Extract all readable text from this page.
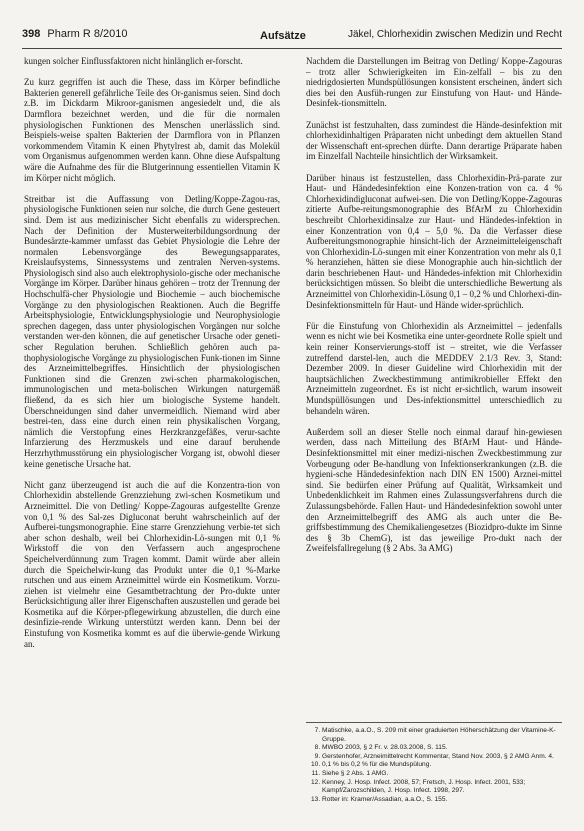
398 Pharm R 8/2010	Aufsätze	Jäkel, Chlorhexidin zwischen Medizin und Recht

kungen solcher Einflussfaktoren nicht hinlänglich er-forscht.

Zu kurz gegriffen ist auch die These, dass im Körper befindliche Bakterien generell gefährliche Teile des Or-ganismus seien. Sind doch z.B. im Dickdarm Mikroor-ganismen angesiedelt und, die als Darmflora bezeichnet werden, und die für die normalen physiologischen Funktionen des Menschen unerlässlich sind. Beispiels-weise spalten Bakterien der Darmflora von in Pflanzen vorkommendem Vitamin K einen Phytylrest ab, damit das Molekül vom Organismus aufgenommen werden kann. Ohne diese Aufspaltung wäre die Aufnahme des für die Blutgerinnung essentiellen Vitamin K im Körper nicht möglich.

Streitbar ist die Auffassung von Detling/Koppe-Zagou-ras, physiologische Funktionen seien nur solche, die durch Gene gesteuert sind. Dem ist aus medizinischer Sicht ebenfalls zu widersprechen. Nach der Definition der Musterweiterbildungsordnung der Bundesärzte-kammer umfasst das Gebiet Physiologie die Lehre der normalen Lebensvorgänge des Bewegungsapparates, Kreislaufsystems, Sinnessystems und zentralen Nerven-systems. Physiologisch sind also auch elektrophysiolo-gische oder mechanische Vorgänge im Körper. Darüber hinaus gehören – trotz der Trennung der Hochschulfä-cher Physiologie und Biochemie – auch biochemische Vorgänge zu den physiologischen Reaktionen. Auch die Begriffe Arbeitsphysiologie, Entwicklungsphysiologie und Neurophysiologie sprechen dagegen, dass unter physiologischen Vorgängen nur solche verstanden wer-den können, die auf genetischer Ursache oder geneti-scher Regulation beruhen. Schließlich gehören auch pa-thophysiologische Vorgänge zu physiologischen Funk-tionen im Sinne des Arzneimittelbegriffes. Hinsichtlich der physiologischen Funktionen sind die Grenzen zwi-schen pharmakologischen, immunologischen und meta-bolischen Wirkungen naturgemäß fließend, da es sich hier um biologische Systeme handelt. Überschneidungen sind daher unvermeidlich. Niemand wird aber bestrei-ten, dass eine durch einen rein physikalischen Vorgang, nämlich die Verstopfung eines Herzkranzgefäßes, verur-sachte Infarzierung des Herzmuskels und eine darauf beruhende Herzrhythmusstörung ein physiologischer Vorgang ist, obwohl dieser keine genetische Ursache hat.

Nicht ganz überzeugend ist auch die auf die Konzentra-tion von Chlorhexidin abstellende Grenzziehung zwi-schen Kosmetikum und Arzneimittel. Die von Detling/ Koppe-Zagouras aufgestellte Grenze von 0,1 % des Sal-zes Digluconat beruht wahrscheinlich auf der Aufberei-tungsmonographie. Eine starre Grenzziehung verbie-tet sich aber schon deshalb, weil bei Chlorhexidin-Lö-sungen mit 0,1 % Wirkstoff die von den Verfassern auch angesprochene Speichelverdünnung zum Tragen kommt. Damit würde aber allein durch die Speichelwir-kung das Produkt unter die 0,1 %-Marke rutschen und aus einem Arzneimittel würde ein Kosmetikum. Vorzu-ziehen ist vielmehr eine Gesamtbetrachtung der Pro-dukte unter Berücksichtigung aller ihrer Eigenschaften auszustellen und gerade bei Kosmetika auf die Körper-pflegewirkung abzustellen, die durch eine desinfizie-rende Wirkung unterstützt werden kann. Denn bei der Einstufung von Kosmetika kommt es auf die überwie-gende Wirkung an.

Nachdem die Darstellungen im Beitrag von Detling/ Koppe-Zagouras – trotz aller Schwierigkeiten im Ein-zelfall – bis zu den niedrigdosierten Mundspüllösungen konsistent erscheinen, ändert sich dies bei den Ausfüh-rungen zur Einstufung von Haut- und Hände-Desinfek-tionsmitteln.

Zunächst ist festzuhalten, dass zumindest die Hände-desinfektion mit chlorhexidinhaltigen Präparaten nicht unbedingt dem aktuellen Stand der Wissenschaft ent-sprechen dürfte. Dann derartige Präparate haben im Einzelfall Nachteile hinsichtlich der Wirksamkeit.

Darüber hinaus ist festzustellen, dass Chlorhexidin-Prä-parate zur Haut- und Händedesinfektion eine Konzen-tration von ca. 4 % Chlorhexidindigluconat aufwei-sen. Die von Detling/Koppe-Zagouras zitierte Aufbe-reitungsmonographie des BfArM zu Chlorhexidin beschreibt Chlorhexidinsalze zur Haut- und Händedes-infektion in einer Konzentration von 0,4 – 5,0 %. Da die Verfasser diese Aufbereitungsmonographie hinsicht-lich der Arzneimitteleigenschaft von Chlorhexidin-Lö-sungen mit einer Konzentration von mehr als 0,1 % heranziehen, hätten sie diese Monographie auch hin-sichtlich der darin beschriebenen Haut- und Händedes-infektion mit Chlorhexidin berücksichtigen müssen. So bleibt die unterschiedliche Bewertung als Arzneimittel von Chlorhexidin-Lösung 0,1 – 0,2 % und Chlorhexi-din-Desinfektionsmitteln für Haut- und Hände wider-sprüchlich.

Für die Einstufung von Chlorhexidin als Arzneimittel – jedenfalls wenn es nicht wie bei Kosmetika eine unter-geordnete Rolle spielt und kein reiner Konservierungs-stoff ist – streitet, wie die Verfasser zutreffend darstel-len, auch die MEDDEV 2.1/3 Rev. 3, Stand: Dezember 2009. In dieser Guideline wird Chlorhexidin mit der hauptsächlichen Zweckbestimmung antimikrobieller Effekt den Arzneimitteln zugeordnet. Es ist nicht er-sichtlich, warum insoweit Mundspüllösungen und Des-infektionsmittel unterschiedlich zu behandeln wären.

Außerdem soll an dieser Stelle noch einmal darauf hin-gewiesen werden, dass nach Mitteilung des BfArM Haut- und Hände-Desinfektionsmittel mit einer medizi-nischen Zweckbestimmung zur Vorbeugung oder Be-handlung von Infektionserkrankungen (z.B. die hygieni-sche Händedesinfektion nach DIN EN 1500) Arznei-mittel sind. Sie bedürfen einer Prüfung auf Qualität, Wirksamkeit und Unbedenklichkeit im Rahmen eines Zulassungsverfahrens durch die Zulassungsbehörde. Fallen Haut- und Händedesinfektion sowohl unter den Arzneimittelbegriff des AMG als auch unter die Be-griffsbestimmung des Chemikaliengesetzes (Biozidpro-dukte im Sinne des § 3b ChemG), ist das jeweilige Pro-dukt nach der Zweifelsfallregelung (§ 2 Abs. 3a AMG)

7. Matischke, a.a.O., S. 209 mit einer graduierten Höherschätzung der Vitamine-K-Gruppe.
8. MWBO 2003, § 2 Fr. v. 28.03.2008, S. 115.
9. Gerstenhofer, Arzneimittelrecht Kommentar, Stand Nov. 2003, § 2 AMG Anm. 4.
10. 0,1 % bis 0,2 % für die Mundspülung.
11. Siehe § 2 Abs. 1 AMG.
12. Kenney, J. Hosp. Infect. 2008, 57; Fretsch, J. Hosp. Infect. 2001, 533; Kampf/Zarozschilden, J. Hosp. Infect. 1998, 297.
13. Rotter in: Kramer/Assadian, a.a.O., S. 155.
